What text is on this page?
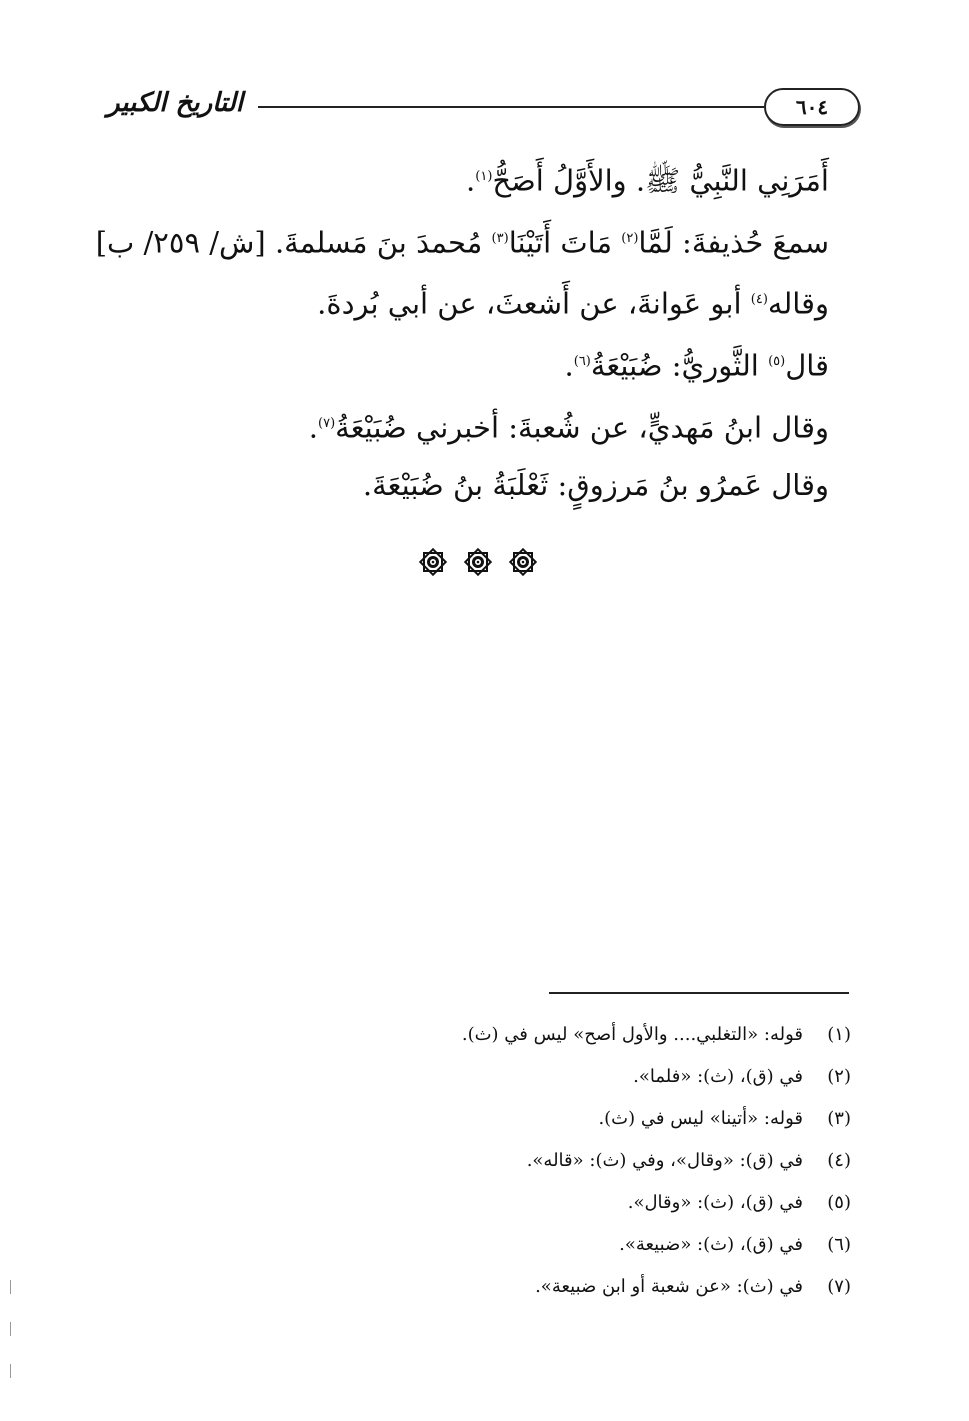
التاريخ الكبير	٦٠٤
أَمَرَنِي النَّبِيُّ ﷺ. والأَوَّلُ أَصَحُّ$^{(١)}$.
سمعَ حُذيفةَ: لَمَّا$^{(٢)}$ مَاتَ أَتَيْنَا$^{(٣)}$ مُحمدَ بنَ مَسلمةَ. [ش/ ٢٥٩/ ب]
وقاله$^{(٤)}$ أبو عَوانةَ، عن أَشعثَ، عن أبي بُردةَ.
قال$^{(٥)}$ الثَّوريُّ: ضُبَيْعَةُ$^{(٦)}$.
وقال ابنُ مَهديٍّ، عن شُعبةَ: أخبرني ضُبَيْعَةُ$^{(٧)}$.
وقال عَمرُو بنُ مَرزوقٍ: ثَعْلَبَةُ بنُ ضُبَيْعَةَ.
(١)
قوله: «التغلبي.... والأول أصح» ليس في (ث).
(٢)
في (ق)، (ث): «فلما».
(٣)
قوله: «أتينا» ليس في (ث).
(٤)
في (ق): «وقال»، وفي (ث): «قاله».
(٥)
في (ق)، (ث): «وقال».
(٦)
في (ق)، (ث): «ضبيعة».
(٧)
في (ث): «عن شعبة أو ابن ضبيعة».
